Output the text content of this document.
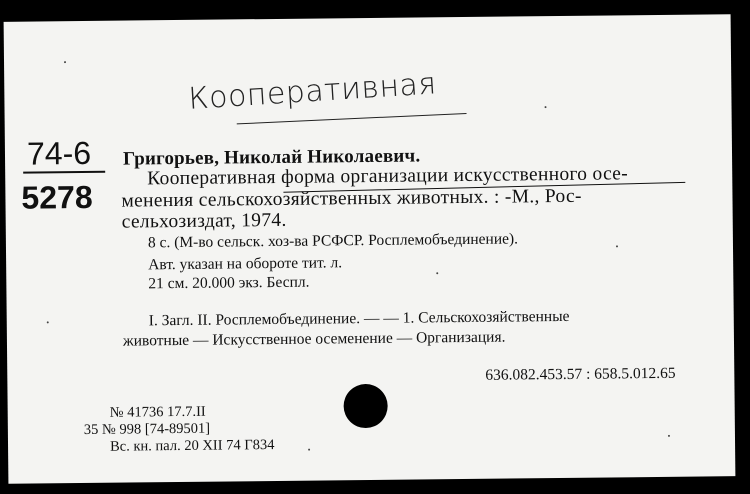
Кооперативная
74-6
5278
Григорьев, Николай Николаевич.
Кооперативная форма организации искусственного осе-
менения сельскохозяйственных животных. : -М., Рос-
сельхозиздат, 1974.
8 с. (М-во сельск. хоз-ва РСФСР. Росплемобъединение).
Авт. указан на обороте тит. л.
21 см. 20.000 экз. Беспл.
I. Загл. II. Росплемобъединение. — — 1. Сельскохозяйственные
животные — Искусственное осеменение — Организация.
636.082.453.57 : 658.5.012.65
№ 41736 17.7.II
35 № 998 [74-89501]
Вс. кн. пал. 20 XII 74 Г834
